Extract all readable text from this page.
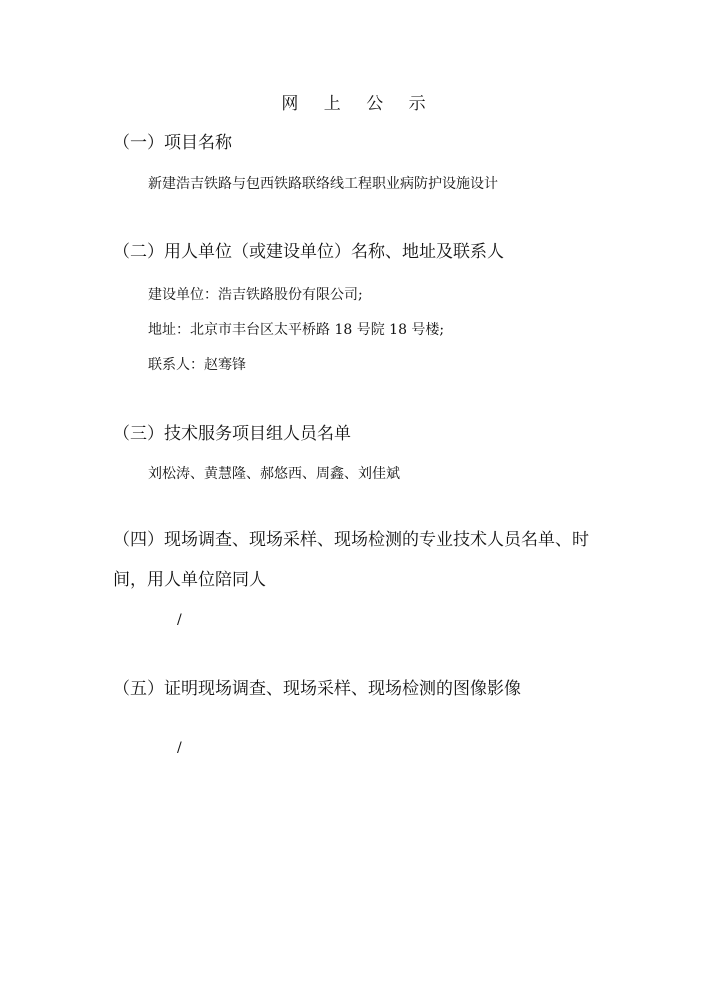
网 上 公 示
（一）项目名称
新建浩吉铁路与包西铁路联络线工程职业病防护设施设计
（二）用人单位（或建设单位）名称、地址及联系人
建设单位：浩吉铁路股份有限公司;
地址：北京市丰台区太平桥路 18 号院 18 号楼;
联系人：赵骞锋
（三）技术服务项目组人员名单
刘松涛、黄慧隆、郝悠西、周鑫、刘佳斌
（四）现场调查、现场采样、现场检测的专业技术人员名单、时间，用人单位陪同人
/
（五）证明现场调查、现场采样、现场检测的图像影像
/
